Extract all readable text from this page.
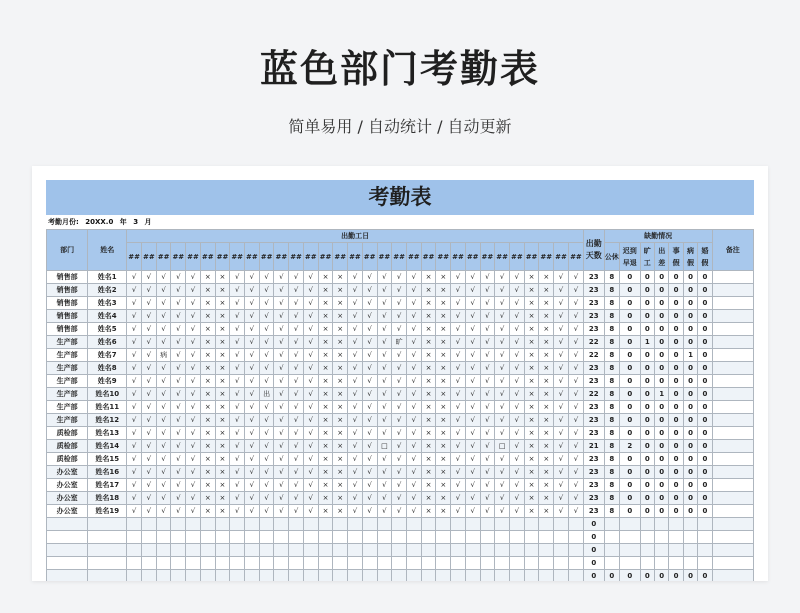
蓝色部门考勤表
简单易用 / 自动统计 / 自动更新
考勤表
考勤月份: 20XX.0 年 3 月
部门	姓名	出勤工日																															出勤天数	缺勤情况							备注
		##	##	##	##	##	##	##	##	##	##	##	##	##	##	##	##	##	##	##	##	##	##	##	##	##	##	##	##	##	##	##		公休	迟到早退	旷工	出差	事假	病假	婚假	
销售部	姓名1	√	√	√	√	√	×	×	√	√	√	√	√	√	×	×	√	√	√	√	√	×	×	√	√	√	√	√	×	×	√	√	23	8	0	0	0	0	0	0	
销售部	姓名2	√	√	√	√	√	×	×	√	√	√	√	√	√	×	×	√	√	√	√	√	×	×	√	√	√	√	√	×	×	√	√	23	8	0	0	0	0	0	0	
销售部	姓名3	√	√	√	√	√	×	×	√	√	√	√	√	√	×	×	√	√	√	√	√	×	×	√	√	√	√	√	×	×	√	√	23	8	0	0	0	0	0	0	
销售部	姓名4	√	√	√	√	√	×	×	√	√	√	√	√	√	×	×	√	√	√	√	√	×	×	√	√	√	√	√	×	×	√	√	23	8	0	0	0	0	0	0	
销售部	姓名5	√	√	√	√	√	×	×	√	√	√	√	√	√	×	×	√	√	√	√	√	×	×	√	√	√	√	√	×	×	√	√	23	8	0	0	0	0	0	0	
生产部	姓名6	√	√	√	√	√	×	×	√	√	√	√	√	√	×	×	√	√	√	旷	√	×	×	√	√	√	√	√	×	×	√	√	22	8	0	1	0	0	0	0	
生产部	姓名7	√	√	病	√	√	×	×	√	√	√	√	√	√	×	×	√	√	√	√	√	×	×	√	√	√	√	√	×	×	√	√	22	8	0	0	0	0	1	0	
生产部	姓名8	√	√	√	√	√	×	×	√	√	√	√	√	√	×	×	√	√	√	√	√	×	×	√	√	√	√	√	×	×	√	√	23	8	0	0	0	0	0	0	
生产部	姓名9	√	√	√	√	√	×	×	√	√	√	√	√	√	×	×	√	√	√	√	√	×	×	√	√	√	√	√	×	×	√	√	23	8	0	0	0	0	0	0	
生产部	姓名10	√	√	√	√	√	×	×	√	√	出	√	√	√	×	×	√	√	√	√	√	×	×	√	√	√	√	√	×	×	√	√	22	8	0	0	1	0	0	0	
生产部	姓名11	√	√	√	√	√	×	×	√	√	√	√	√	√	×	×	√	√	√	√	√	×	×	√	√	√	√	√	×	×	√	√	23	8	0	0	0	0	0	0	
生产部	姓名12	√	√	√	√	√	×	×	√	√	√	√	√	√	×	×	√	√	√	√	√	×	×	√	√	√	√	√	×	×	√	√	23	8	0	0	0	0	0	0	
质检部	姓名13	√	√	√	√	√	×	×	√	√	√	√	√	√	×	×	√	√	√	√	√	×	×	√	√	√	√	√	×	×	√	√	23	8	0	0	0	0	0	0	
质检部	姓名14	√	√	√	√	√	×	×	√	√	√	√	√	√	×	×	√	√	□	√	√	×	×	√	√	√	□	√	×	×	√	√	21	8	2	0	0	0	0	0	
质检部	姓名15	√	√	√	√	√	×	×	√	√	√	√	√	√	×	×	√	√	√	√	√	×	×	√	√	√	√	√	×	×	√	√	23	8	0	0	0	0	0	0	
办公室	姓名16	√	√	√	√	√	×	×	√	√	√	√	√	√	×	×	√	√	√	√	√	×	×	√	√	√	√	√	×	×	√	√	23	8	0	0	0	0	0	0	
办公室	姓名17	√	√	√	√	√	×	×	√	√	√	√	√	√	×	×	√	√	√	√	√	×	×	√	√	√	√	√	×	×	√	√	23	8	0	0	0	0	0	0	
办公室	姓名18	√	√	√	√	√	×	×	√	√	√	√	√	√	×	×	√	√	√	√	√	×	×	√	√	√	√	√	×	×	√	√	23	8	0	0	0	0	0	0	
办公室	姓名19	√	√	√	√	√	×	×	√	√	√	√	√	√	×	×	√	√	√	√	√	×	×	√	√	√	√	√	×	×	√	√	23	8	0	0	0	0	0	0	
																																	0								
																																	0								
																																	0								
																																	0								
																																	0	0	0	0	0	0	0	0	
